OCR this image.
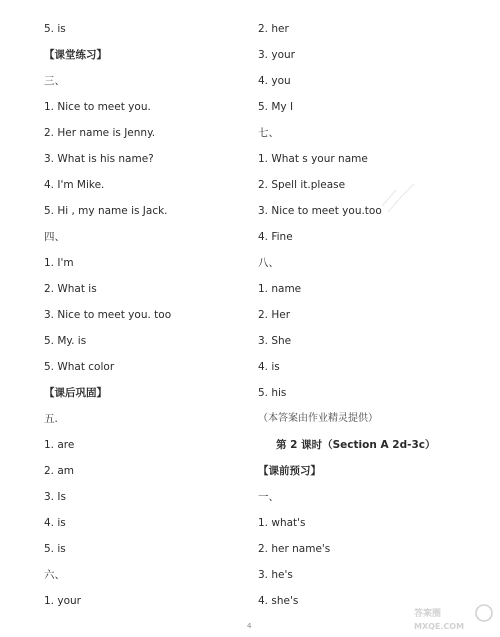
5. is
【课堂练习】
三、
1. Nice to meet you.
2. Her name is Jenny.
3. What is his name?
4. I'm Mike.
5. Hi , my name is Jack.
四、
1. I'm
2. What is
3. Nice to meet you. too
5. My. is
5. What color
【课后巩固】
五.
1. are
2. am
3. Is
4. is
5. is
六、
1. your
2. her
3. your
4. you
5. My I
七、
1. What s your name
2. Spell it.please
3. Nice to meet you.too
4. Fine
八、
1. name
2. Her
3. She
4. is
5. his
（本答案由作业精灵提供）
第 2 课时（Section A 2d-3c）
【课前预习】
一、
1. what's
2. her name's
3. he's
4. she's
4
答案圈
MXQE.COM
